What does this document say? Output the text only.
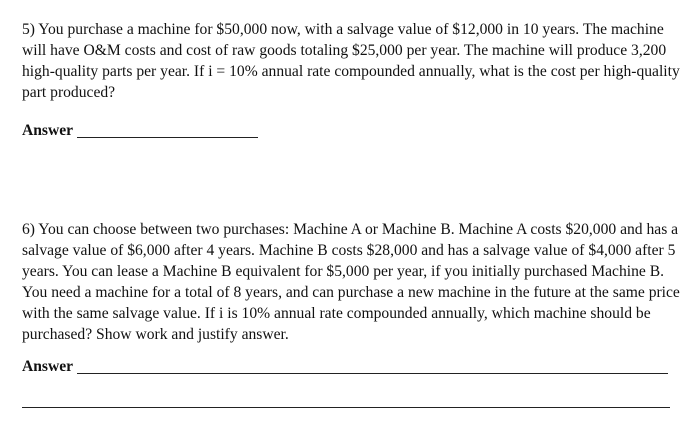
5) You purchase a machine for $50,000 now, with a salvage value of $12,000 in 10 years. The machine will have O&M costs and cost of raw goods totaling $25,000 per year. The machine will produce 3,200 high-quality parts per year. If i = 10% annual rate compounded annually, what is the cost per high-quality part produced?

Answer

6) You can choose between two purchases: Machine A or Machine B. Machine A costs $20,000 and has a salvage value of $6,000 after 4 years. Machine B costs $28,000 and has a salvage value of $4,000 after 5 years. You can lease a Machine B equivalent for $5,000 per year, if you initially purchased Machine B. You need a machine for a total of 8 years, and can purchase a new machine in the future at the same price with the same salvage value. If i is 10% annual rate compounded annually, which machine should be purchased? Show work and justify answer.

Answer
